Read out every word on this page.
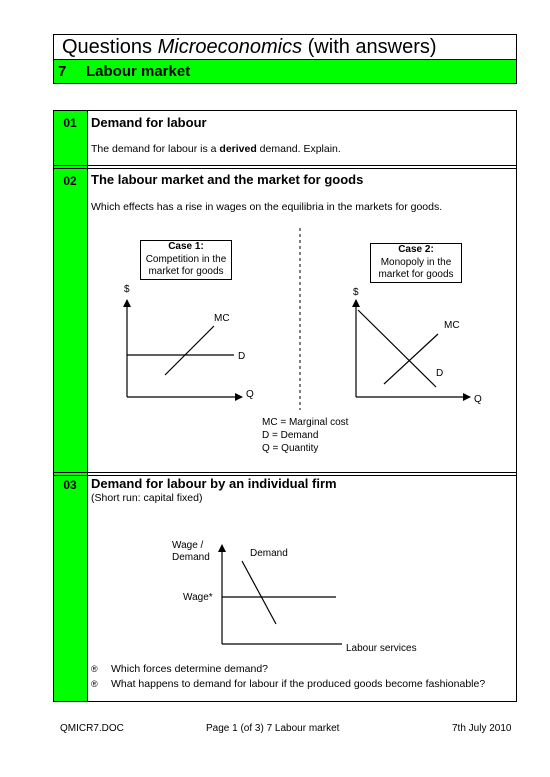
Questions Microeconomics (with answers)
7 Labour market
01	Demand for labour
The demand for labour is a derived demand. Explain.
02	The labour market and the market for goods
Which effects has a rise in wages on the equilibria in the markets for goods.
Case 1:
Competition in the
market for goods
Case 2:
Monopoly in the
market for goods
$
Q
MC
D
$
Q
MC
D
MC = Marginal cost
D = Demand
Q = Quantity
03	Demand for labour by an individual firm
(Short run: capital fixed)
Wage /
Demand	Demand
Wage*
Labour services
® Which forces determine demand?
® What happens to demand for labour if the produced goods become fashionable?
QMICR7.DOC	Page 1 (of 3) 7 Labour market	7th July 2010
